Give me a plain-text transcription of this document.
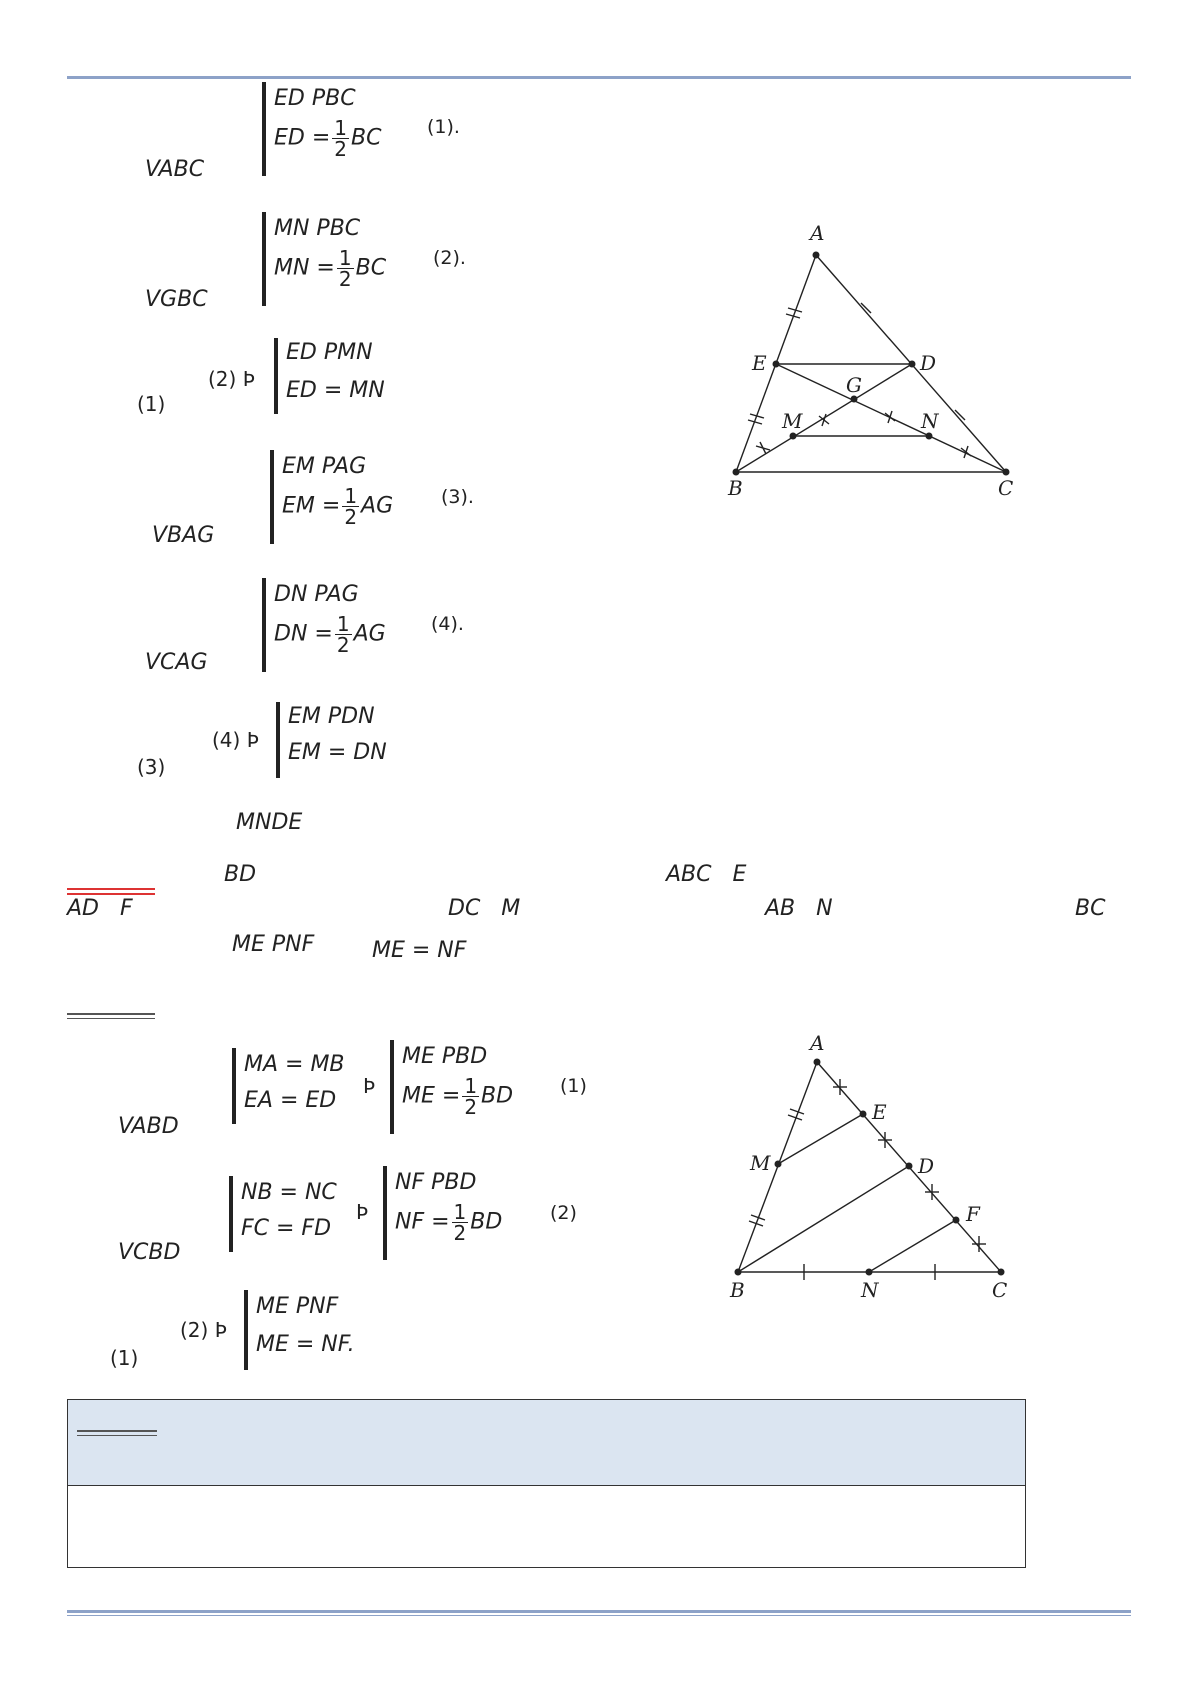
VABC
ED PBC
ED = $\frac{1}{2}$ BC (1).
VGBC
MN PBC
MN = $\frac{1}{2}$ BC (2).
(1)
(2) Þ
ED PMN
ED = MN
VBAG
EM PAG
EM = $\frac{1}{2}$ AG	(3).
VCAG
DN PAG
DN = $\frac{1}{2}$ AG (4).
(3)
(4) Þ
EM PDN
EM = DN
MNDE
A
B	C
D
E
G
M	N
BD	ABC   E
AD   F	DC   M	AB   N	BC
ME PNF	ME = NF
VABD
MA = MB
EA = ED
Þ
ME PBD
ME = $\frac{1}{2}$ BD (1)
VCBD
NB = NC
FC = FD
Þ
NF PBD
NF = $\frac{1}{2}$ BD	(2)
(1)
(2) Þ
ME PNF
ME = NF.
A
B	C
D
E
F
M
N
